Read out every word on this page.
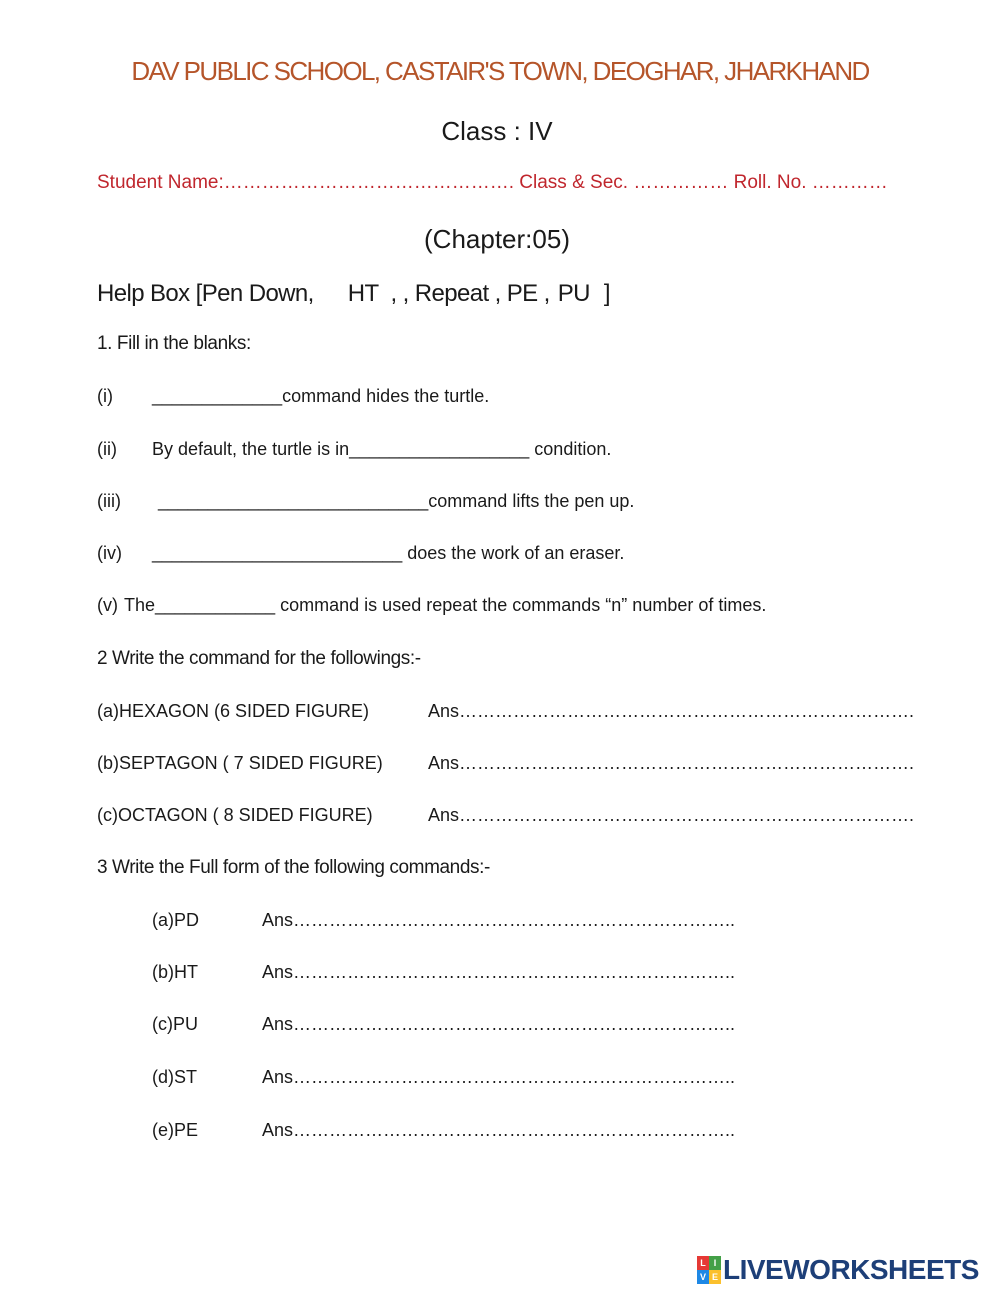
DAV PUBLIC SCHOOL, CASTAIR'S TOWN, DEOGHAR, JHARKHAND
Class : IV
Student Name:………………………………………. Class & Sec. …………… Roll. No. …………
(Chapter:05)
Help Box [Pen Down, HT , , Repeat , PE , PU ]
1. Fill in the blanks:
(i) _____________command hides the turtle.
(ii) By default, the turtle is in__________________ condition.
(iii) ___________________________command lifts the pen up.
(iv) _________________________ does the work of an eraser.
(v) The____________ command is used repeat the commands “n” number of times.
2 Write the command for the followings:-
(a)HEXAGON (6 SIDED FIGURE)	Ans………………………………………………………………….
(b)SEPTAGON ( 7 SIDED FIGURE)	Ans………………………………………………………………….
(c)OCTAGON ( 8 SIDED FIGURE)	Ans………………………………………………………………….
3 Write the Full form of the following commands:-
(a)PD	Ans………………………………………………………………..
(b)HT	Ans………………………………………………………………..
(c)PU	Ans………………………………………………………………..
(d)ST	Ans………………………………………………………………..
(e)PE	Ans………………………………………………………………..
L I
V E LIVEWORKSHEETS
